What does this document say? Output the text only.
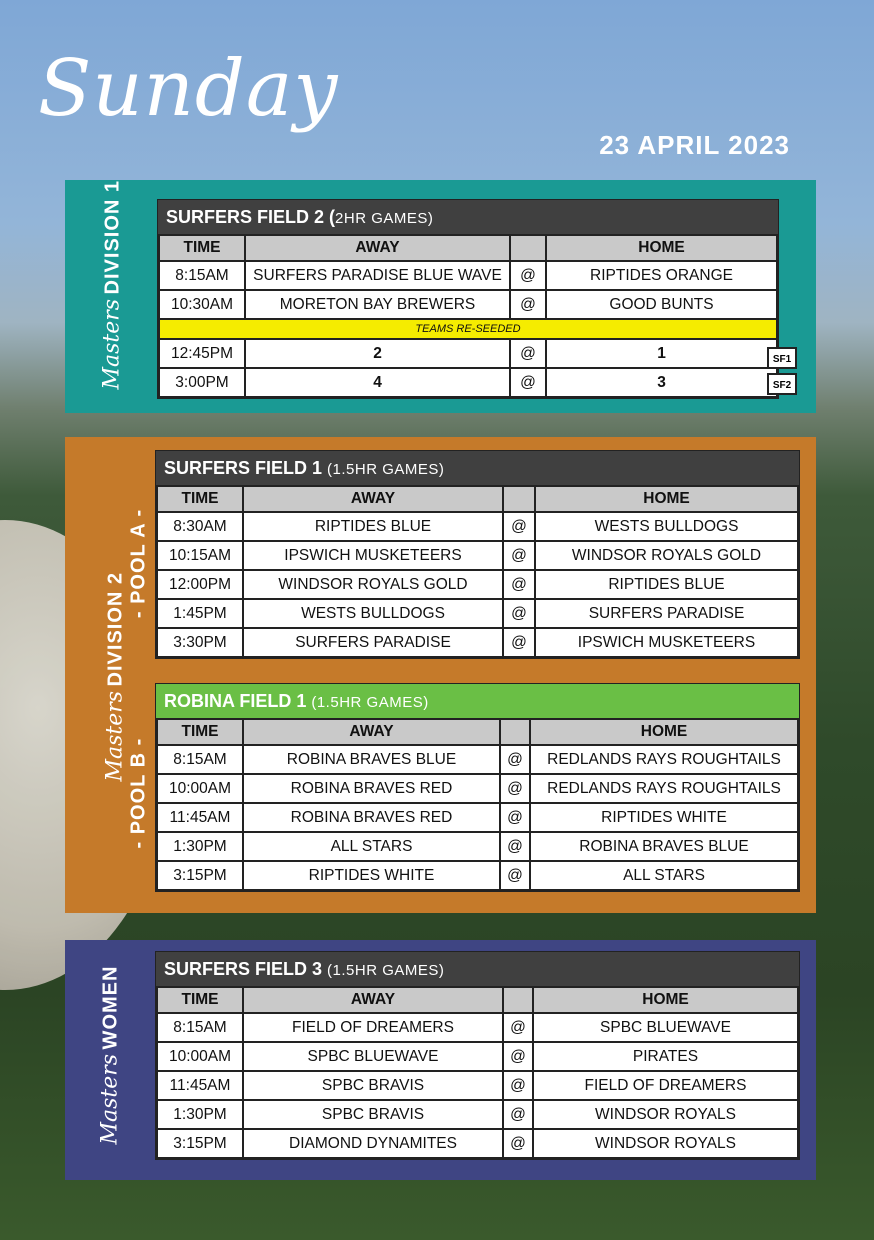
Sunday
23 APRIL 2023
Masters DIVISION 1	SURFERS FIELD 2 (2HR GAMES)
TIME	AWAY		HOME
8:15AM	SURFERS PARADISE BLUE WAVE	@	RIPTIDES ORANGE
10:30AM	MORETON BAY BREWERS	@	GOOD BUNTS
TEAMS RE-SEEDED			
12:45PM	2	@	1
3:00PM	4	@	3
SF1
SF2
Masters DIVISION 2
- POOL A -
- POOL B -
SURFERS FIELD 1 (1.5HR GAMES)
TIME	AWAY		HOME
8:30AM	RIPTIDES BLUE	@	WESTS BULLDOGS
10:15AM	IPSWICH MUSKETEERS	@	WINDSOR ROYALS GOLD
12:00PM	WINDSOR ROYALS GOLD	@	RIPTIDES BLUE
1:45PM	WESTS BULLDOGS	@	SURFERS PARADISE
3:30PM	SURFERS PARADISE	@	IPSWICH MUSKETEERS
ROBINA FIELD 1 (1.5HR GAMES)
TIME	AWAY		HOME
8:15AM	ROBINA BRAVES BLUE	@	REDLANDS RAYS ROUGHTAILS
10:00AM	ROBINA BRAVES RED	@	REDLANDS RAYS ROUGHTAILS
11:45AM	ROBINA BRAVES RED	@	RIPTIDES WHITE
1:30PM	ALL STARS	@	ROBINA BRAVES BLUE
3:15PM	RIPTIDES WHITE	@	ALL STARS
Masters WOMEN	SURFERS FIELD 3 (1.5HR GAMES)
TIME	AWAY		HOME
8:15AM	FIELD OF DREAMERS	@	SPBC BLUEWAVE
10:00AM	SPBC BLUEWAVE	@	PIRATES
11:45AM	SPBC BRAVIS	@	FIELD OF DREAMERS
1:30PM	SPBC BRAVIS	@	WINDSOR ROYALS
3:15PM	DIAMOND DYNAMITES	@	WINDSOR ROYALS
